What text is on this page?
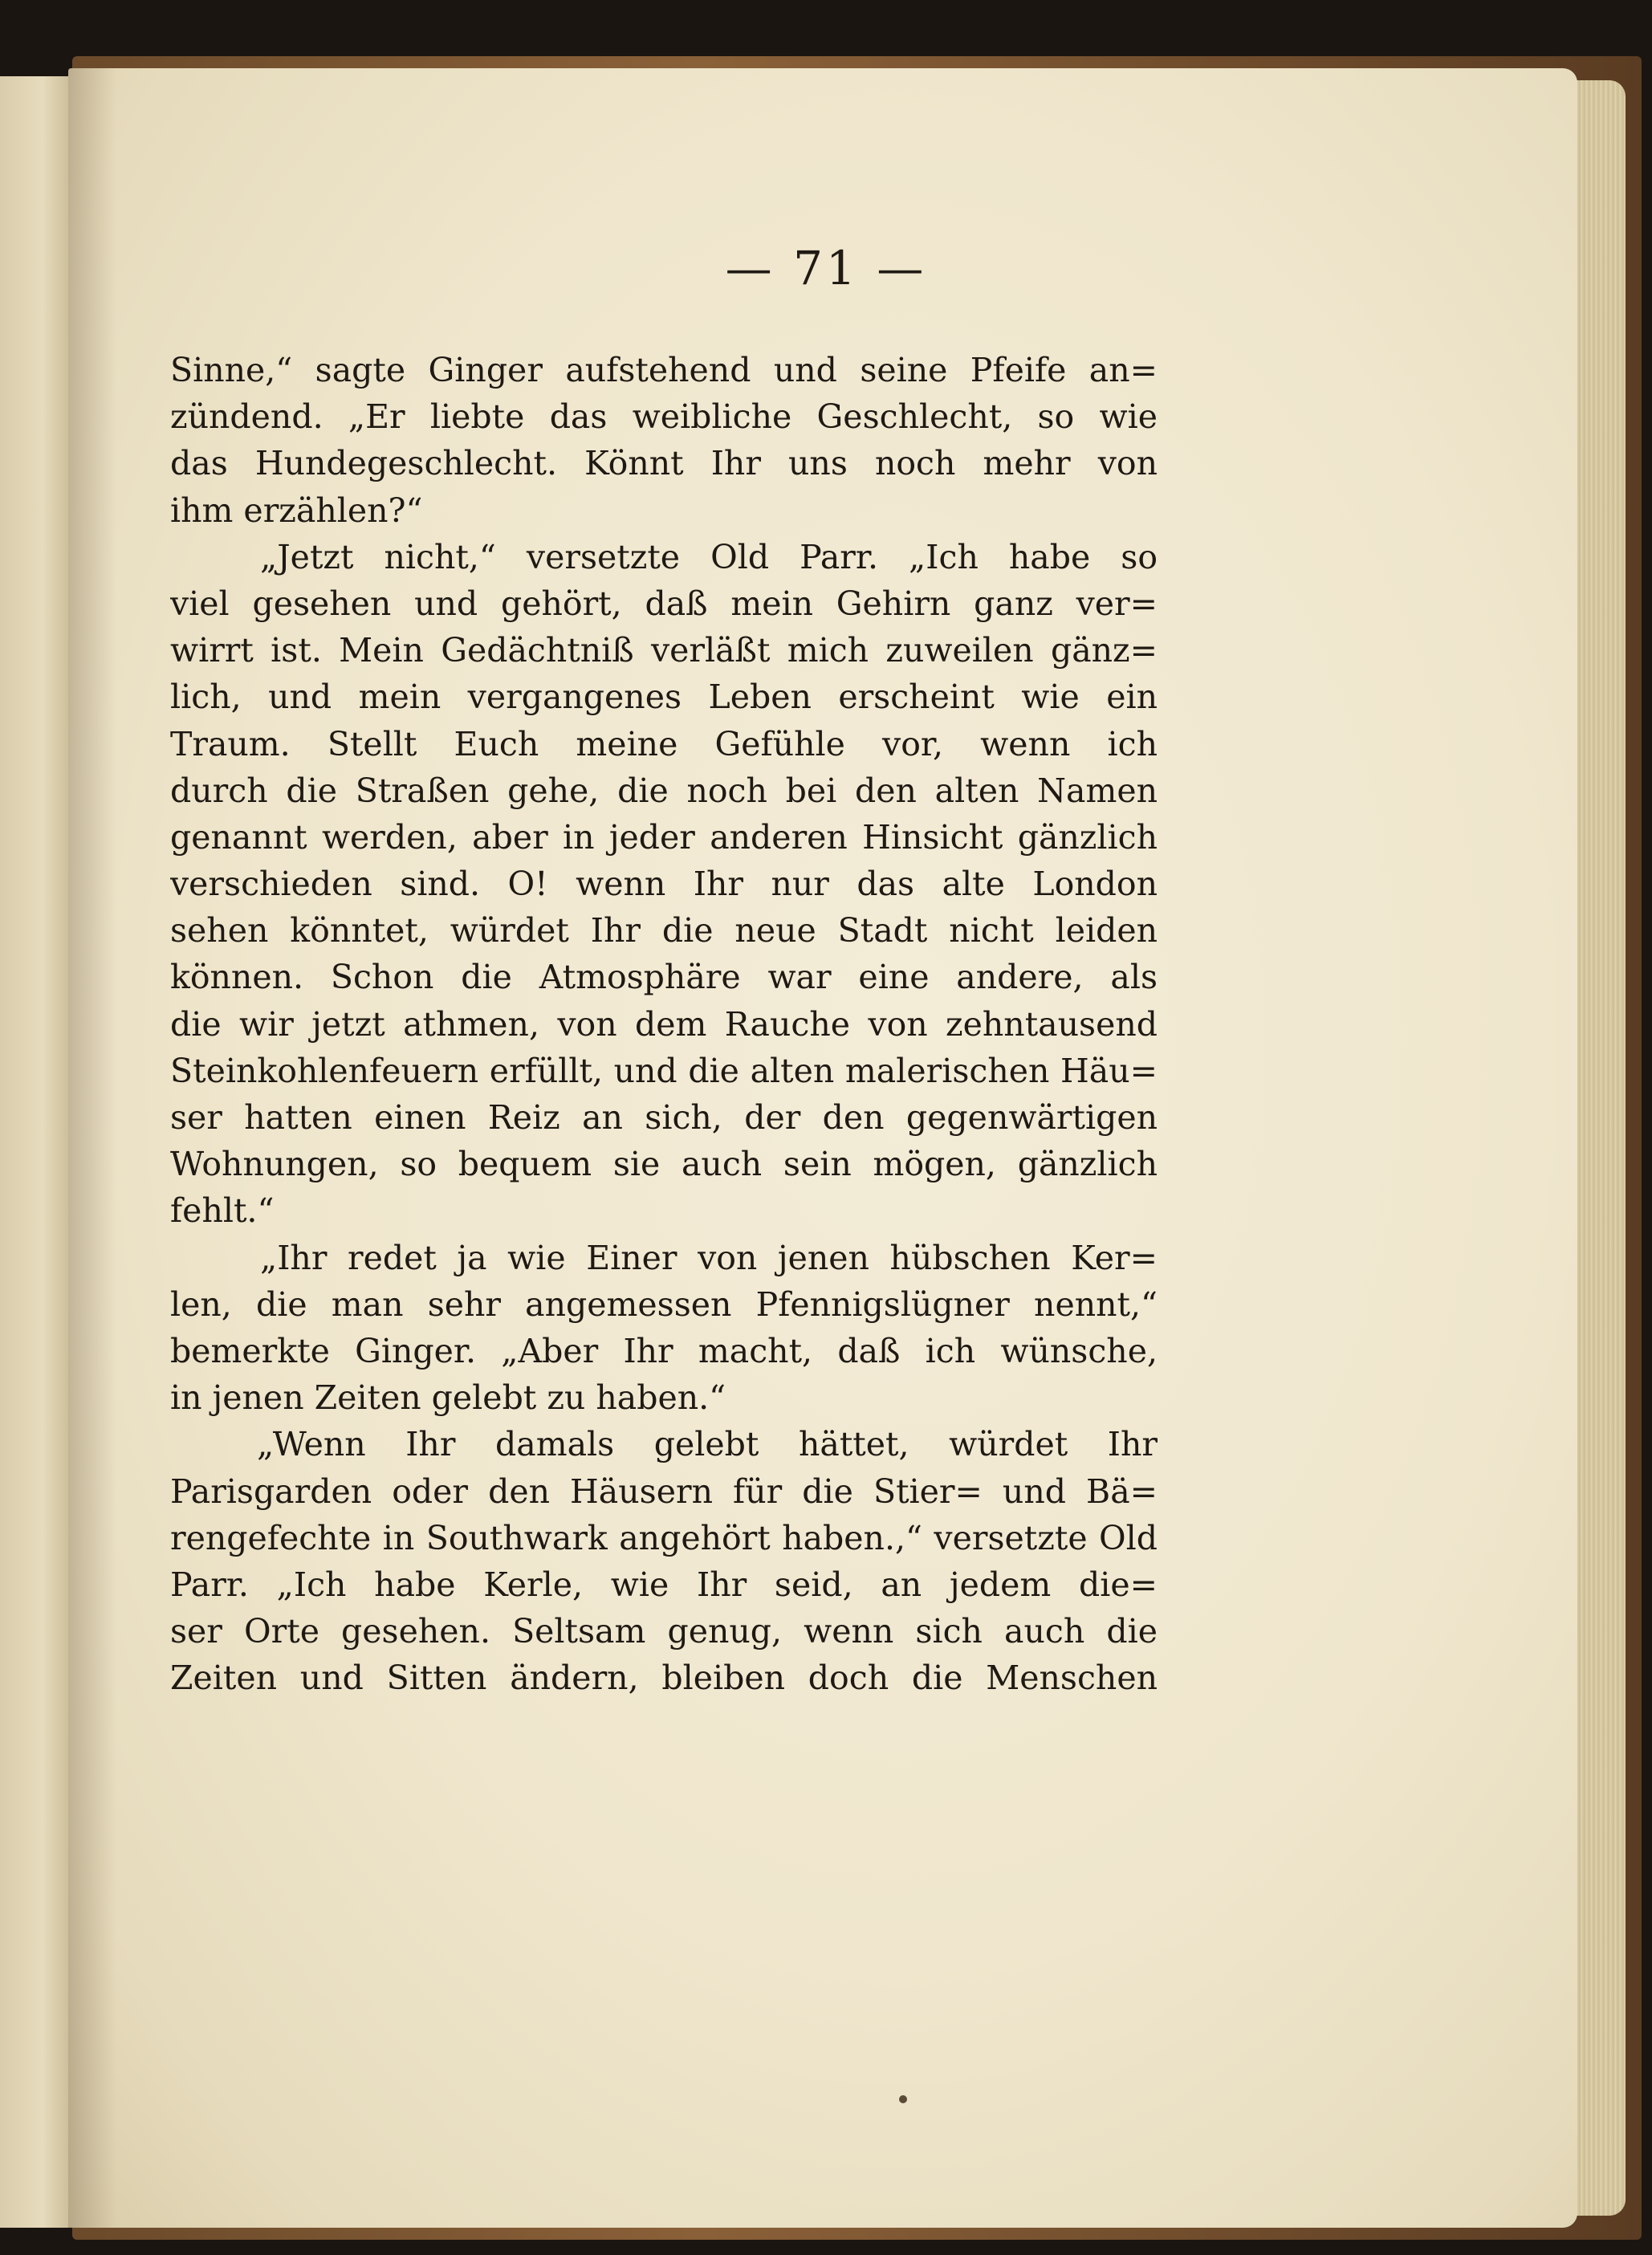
— 71 —
Sinne,“ sagte Ginger aufstehend und seine Pfeife an=
zündend. „Er liebte das weibliche Geschlecht, so wie
das Hundegeschlecht. Könnt Ihr uns noch mehr von
ihm erzählen?“
„Jetzt nicht,“ versetzte Old Parr. „Ich habe so
viel gesehen und gehört, daß mein Gehirn ganz ver=
wirrt ist. Mein Gedächtniß verläßt mich zuweilen gänz=
lich, und mein vergangenes Leben erscheint wie ein
Traum. Stellt Euch meine Gefühle vor, wenn ich
durch die Straßen gehe, die noch bei den alten Namen
genannt werden, aber in jeder anderen Hinsicht gänzlich
verschieden sind. O! wenn Ihr nur das alte London
sehen könntet, würdet Ihr die neue Stadt nicht leiden
können. Schon die Atmosphäre war eine andere, als
die wir jetzt athmen, von dem Rauche von zehntausend
Steinkohlenfeuern erfüllt, und die alten malerischen Häu=
ser hatten einen Reiz an sich, der den gegenwärtigen
Wohnungen, so bequem sie auch sein mögen, gänzlich
fehlt.“
„Ihr redet ja wie Einer von jenen hübschen Ker=
len, die man sehr angemessen Pfennigslügner nennt,“
bemerkte Ginger. „Aber Ihr macht, daß ich wünsche,
in jenen Zeiten gelebt zu haben.“
„Wenn Ihr damals gelebt hättet, würdet Ihr
Parisgarden oder den Häusern für die Stier= und Bä=
rengefechte in Southwark angehört haben.,“ versetzte Old
Parr. „Ich habe Kerle, wie Ihr seid, an jedem die=
ser Orte gesehen. Seltsam genug, wenn sich auch die
Zeiten und Sitten ändern, bleiben doch die Menschen
